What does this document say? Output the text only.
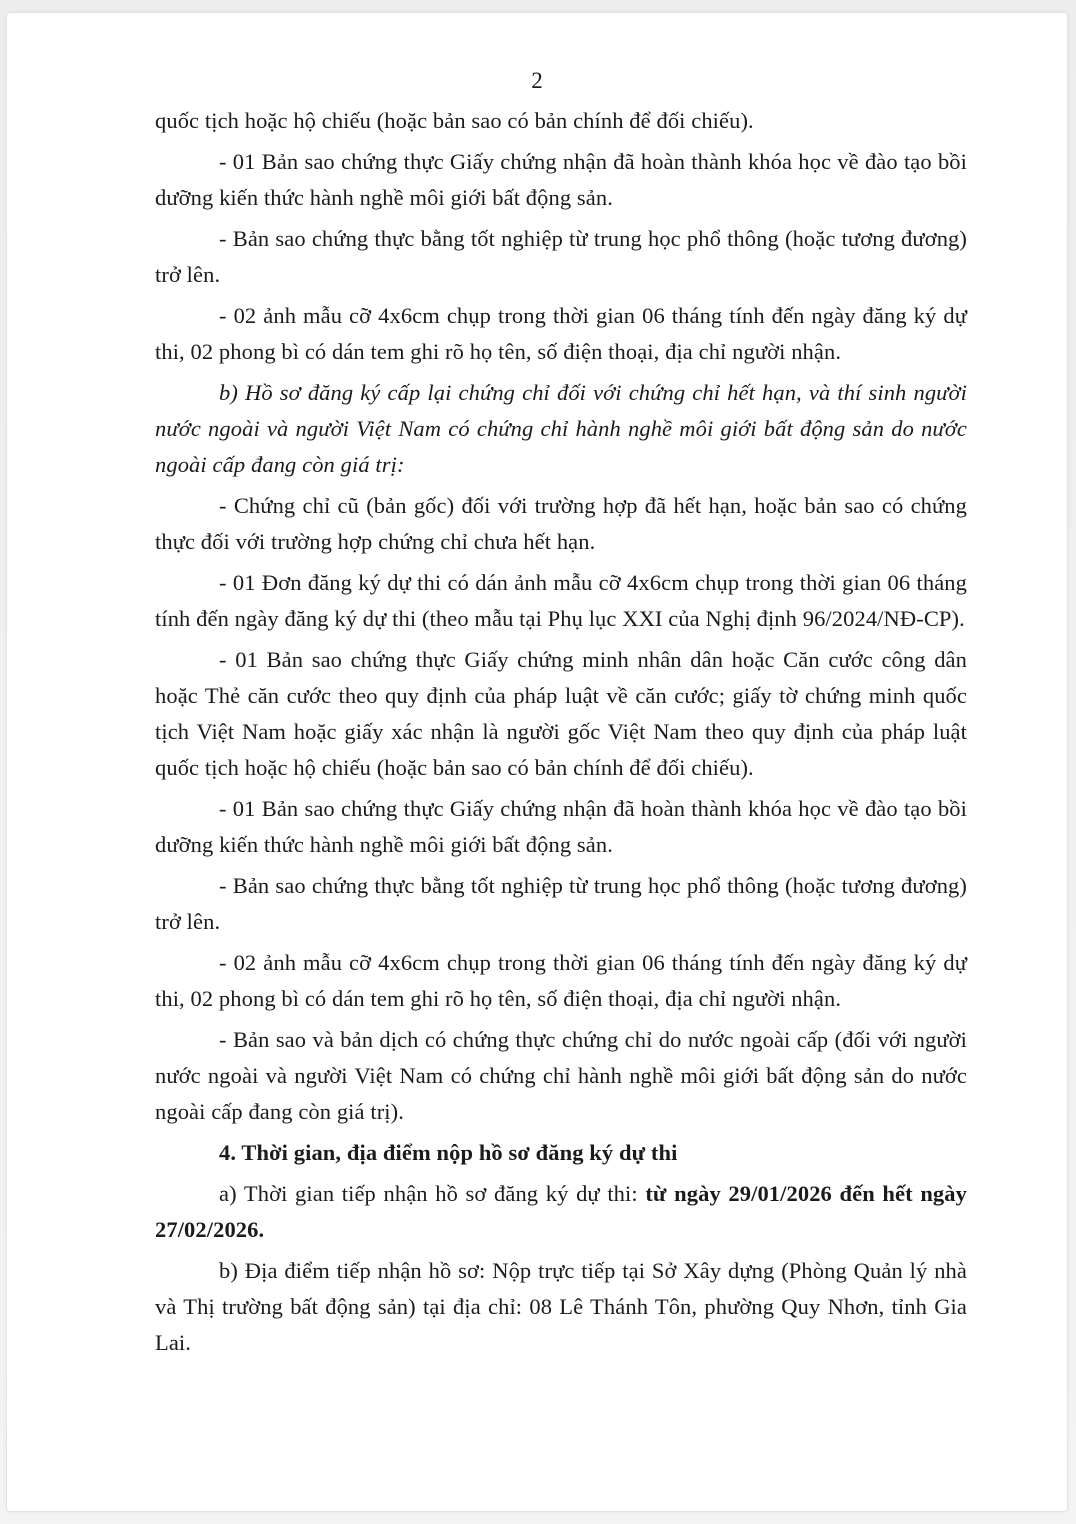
2

quốc tịch hoặc hộ chiếu (hoặc bản sao có bản chính để đối chiếu).

- 01 Bản sao chứng thực Giấy chứng nhận đã hoàn thành khóa học về đào tạo bồi dưỡng kiến thức hành nghề môi giới bất động sản.

- Bản sao chứng thực bằng tốt nghiệp từ trung học phổ thông (hoặc tương đương) trở lên.

- 02 ảnh mẫu cỡ 4x6cm chụp trong thời gian 06 tháng tính đến ngày đăng ký dự thi, 02 phong bì có dán tem ghi rõ họ tên, số điện thoại, địa chỉ người nhận.

b) Hồ sơ đăng ký cấp lại chứng chỉ đối với chứng chỉ hết hạn, và thí sinh người nước ngoài và người Việt Nam có chứng chỉ hành nghề môi giới bất động sản do nước ngoài cấp đang còn giá trị:

- Chứng chỉ cũ (bản gốc) đối với trường hợp đã hết hạn, hoặc bản sao có chứng thực đối với trường hợp chứng chỉ chưa hết hạn.

- 01 Đơn đăng ký dự thi có dán ảnh mẫu cỡ 4x6cm chụp trong thời gian 06 tháng tính đến ngày đăng ký dự thi (theo mẫu tại Phụ lục XXI của Nghị định 96/2024/NĐ-CP).

- 01 Bản sao chứng thực Giấy chứng minh nhân dân hoặc Căn cước công dân hoặc Thẻ căn cước theo quy định của pháp luật về căn cước; giấy tờ chứng minh quốc tịch Việt Nam hoặc giấy xác nhận là người gốc Việt Nam theo quy định của pháp luật quốc tịch hoặc hộ chiếu (hoặc bản sao có bản chính để đối chiếu).

- 01 Bản sao chứng thực Giấy chứng nhận đã hoàn thành khóa học về đào tạo bồi dưỡng kiến thức hành nghề môi giới bất động sản.

- Bản sao chứng thực bằng tốt nghiệp từ trung học phổ thông (hoặc tương đương) trở lên.

- 02 ảnh mẫu cỡ 4x6cm chụp trong thời gian 06 tháng tính đến ngày đăng ký dự thi, 02 phong bì có dán tem ghi rõ họ tên, số điện thoại, địa chỉ người nhận.

- Bản sao và bản dịch có chứng thực chứng chỉ do nước ngoài cấp (đối với người nước ngoài và người Việt Nam có chứng chỉ hành nghề môi giới bất động sản do nước ngoài cấp đang còn giá trị).

4. Thời gian, địa điểm nộp hồ sơ đăng ký dự thi

a) Thời gian tiếp nhận hồ sơ đăng ký dự thi: từ ngày 29/01/2026 đến hết ngày 27/02/2026.

b) Địa điểm tiếp nhận hồ sơ: Nộp trực tiếp tại Sở Xây dựng (Phòng Quản lý nhà và Thị trường bất động sản) tại địa chỉ: 08 Lê Thánh Tôn, phường Quy Nhơn, tỉnh Gia Lai.
